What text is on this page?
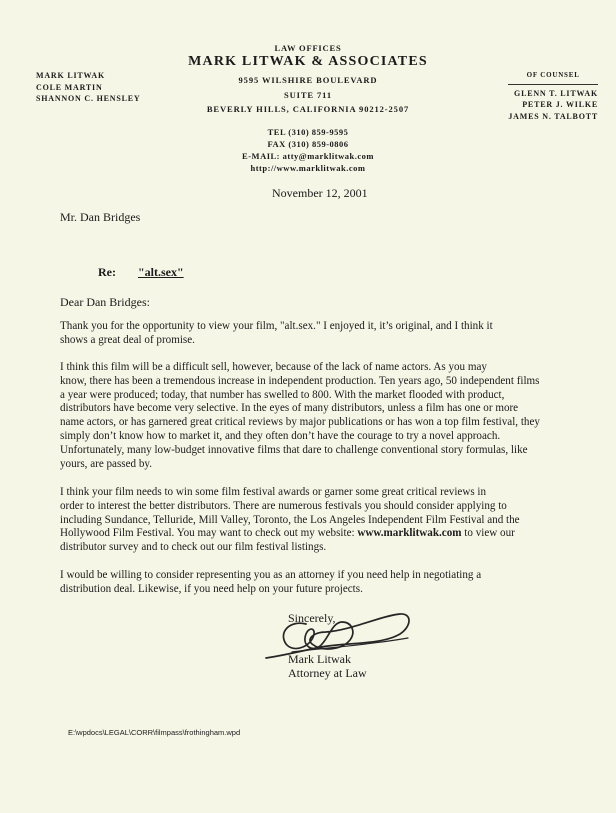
LAW OFFICES
MARK LITWAK & ASSOCIATES
9595 WILSHIRE BOULEVARD
SUITE 711
BEVERLY HILLS, CALIFORNIA 90212-2507
TEL (310) 859-9595
FAX (310) 859-0806
E-MAIL: atty@marklitwak.com
http://www.marklitwak.com
MARK LITWAK
COLE MARTIN
SHANNON C. HENSLEY
OF COUNSEL
GLENN T. LITWAK
PETER J. WILKE
JAMES N. TALBOTT
November 12, 2001
Mr. Dan Bridges
Re: "alt.sex"
Dear Dan Bridges:
Thank you for the opportunity to view your film, "alt.sex." I enjoyed it, it’s original, and I think it
shows a great deal of promise.
I think this film will be a difficult sell, however, because of the lack of name actors. As you may
know, there has been a tremendous increase in independent production. Ten years ago, 50 independent films
a year were produced; today, that number has swelled to 800. With the market flooded with product,
distributors have become very selective. In the eyes of many distributors, unless a film has one or more
name actors, or has garnered great critical reviews by major publications or has won a top film festival, they
simply don’t know how to market it, and they often don’t have the courage to try a novel approach.
Unfortunately, many low-budget innovative films that dare to challenge conventional story formulas, like
yours, are passed by.
I think your film needs to win some film festival awards or garner some great critical reviews in
order to interest the better distributors. There are numerous festivals you should consider applying to
including Sundance, Telluride, Mill Valley, Toronto, the Los Angeles Independent Film Festival and the
Hollywood Film Festival. You may want to check out my website: www.marklitwak.com to view our
distributor survey and to check out our film festival listings.
I would be willing to consider representing you as an attorney if you need help in negotiating a
distribution deal. Likewise, if you need help on your future projects.
Sincerely,
Mark Litwak
Attorney at Law
E:\wpdocs\LEGAL\CORR\filmpass\frothingham.wpd
